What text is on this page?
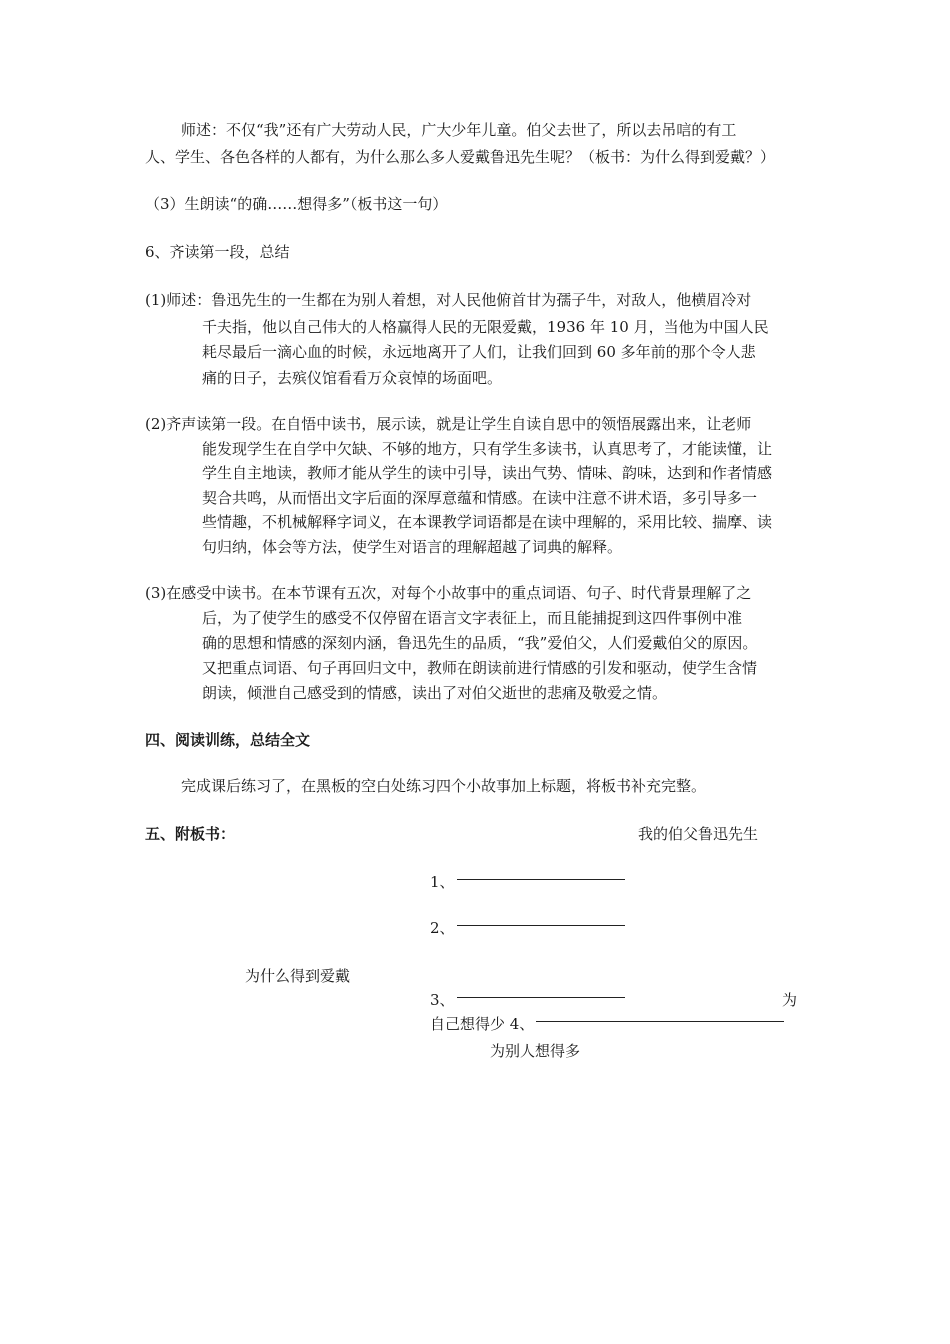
师述：不仅“我”还有广大劳动人民，广大少年儿童。伯父去世了，所以去吊唁的有工
人、学生、各色各样的人都有，为什么那么多人爱戴鲁迅先生呢？（板书：为什么得到爱戴？）
（3）生朗读“的确……想得多”（板书这一句）
6、齐读第一段，总结
(1)师述：鲁迅先生的一生都在为别人着想，对人民他俯首甘为孺子牛，对敌人，他横眉冷对
千夫指，他以自己伟大的人格赢得人民的无限爱戴，1936 年 10 月，当他为中国人民
耗尽最后一滴心血的时候，永远地离开了人们，让我们回到 60 多年前的那个令人悲
痛的日子，去殡仪馆看看万众哀悼的场面吧。
(2)齐声读第一段。在自悟中读书，展示读，就是让学生自读自思中的领悟展露出来，让老师
能发现学生在自学中欠缺、不够的地方，只有学生多读书，认真思考了，才能读懂，让
学生自主地读，教师才能从学生的读中引导，读出气势、情味、韵味，达到和作者情感
契合共鸣，从而悟出文字后面的深厚意蕴和情感。在读中注意不讲术语，多引导多一
些情趣，不机械解释字词义，在本课教学词语都是在读中理解的，采用比较、揣摩、读
句归纳，体会等方法，使学生对语言的理解超越了词典的解释。
(3)在感受中读书。在本节课有五次，对每个小故事中的重点词语、句子、时代背景理解了之
后，为了使学生的感受不仅停留在语言文字表征上，而且能捕捉到这四件事例中准
确的思想和情感的深刻内涵，鲁迅先生的品质，“我”爱伯父，人们爱戴伯父的原因。
又把重点词语、句子再回归文中，教师在朗读前进行情感的引发和驱动，使学生含情
朗读，倾泄自己感受到的情感，读出了对伯父逝世的悲痛及敬爱之情。
四、阅读训练，总结全文
完成课后练习了，在黑板的空白处练习四个小故事加上标题，将板书补充完整。
五、附板书：	我的伯父鲁迅先生
1、
2、
为什么得到爱戴
3、	为
自己想得少 4、
为别人想得多
